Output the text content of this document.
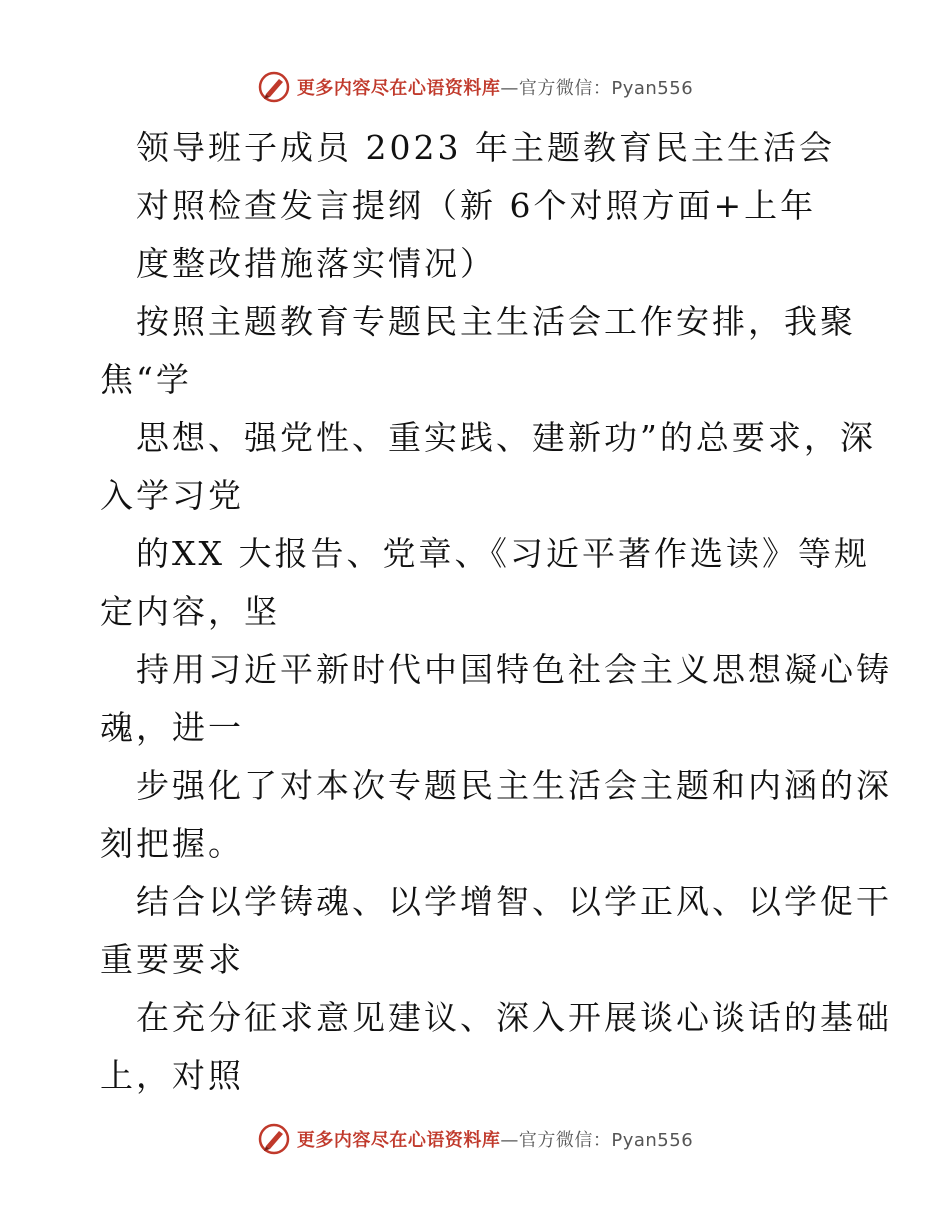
更多内容尽在心语资料库—官方微信：Pyan556
领导班子成员 2023 年主题教育民主生活会
对照检查发言提纲（新 6个对照方面+上年
度整改措施落实情况）
按照主题教育专题民主生活会工作安排，我聚
焦“学
思想、强党性、重实践、建新功”的总要求，深
入学习党
的XX 大报告、党章、《习近平著作选读》等规
定内容，坚
持用习近平新时代中国特色社会主义思想凝心铸
魂，进一
步强化了对本次专题民主生活会主题和内涵的深
刻把握。
结合以学铸魂、以学增智、以学正风、以学促干
重要要求
在充分征求意见建议、深入开展谈心谈话的基础
上，对照
更多内容尽在心语资料库—官方微信：Pyan556
